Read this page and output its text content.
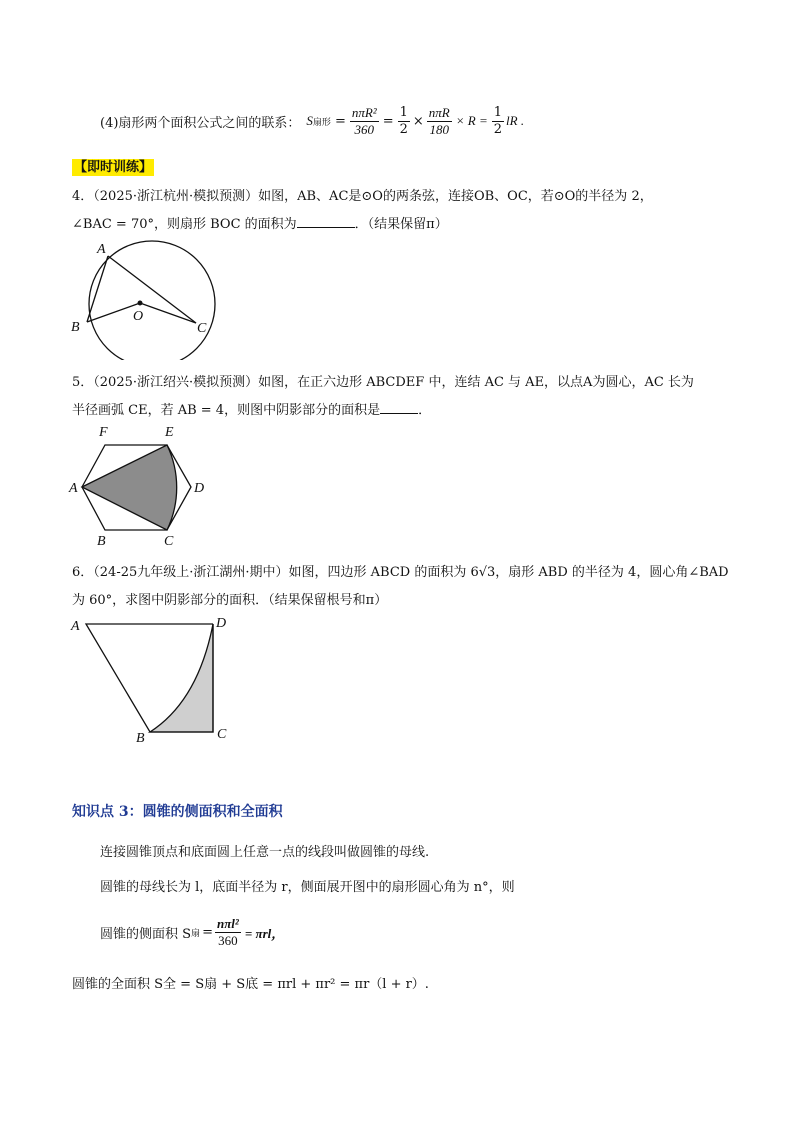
(4)扇形两个面积公式之间的联系： S 扇形 = $\frac{\text{nπR²}}{360} = \frac{1}{2} \times \frac{\text{nπR}}{180} \times R = \frac{1}{2}$ lR .
【即时训练】
4．（2025·浙江杭州·模拟预测）如图，AB、AC是⊙O的两条弦，连接OB、OC，若⊙O的半径为 2，
∠BAC = 70°，则扇形 BOC 的面积为	．（结果保留π）
A
B
O
C
5．（2025·浙江绍兴·模拟预测）如图，在正六边形 ABCDEF 中，连结 AC 与 AE，以点A为圆心，AC 长为
半径画弧 CE，若 AB = 4，则图中阴影部分的面积是	．
F	E
A	D
B	C
6．（24-25九年级上·浙江湖州·期中）如图，四边形 ABCD 的面积为 6√3，扇形 ABD 的半径为 4，圆心角∠BAD
为 60°，求图中阴影部分的面积．（结果保留根号和π）
A	D
B	C
知识点 3：圆锥的侧面积和全面积
连接圆锥顶点和底面圆上任意一点的线段叫做圆锥的母线.
圆锥的母线长为 l，底面半径为 r，侧面展开图中的扇形圆心角为 n°，则
圆锥的侧面积 S 扇 = $\frac{\text{nπl²}}{360} = \pi rl$，
圆锥的全面积 S全 = S扇 + S底 = πrl + πr² = πr（l + r）.
